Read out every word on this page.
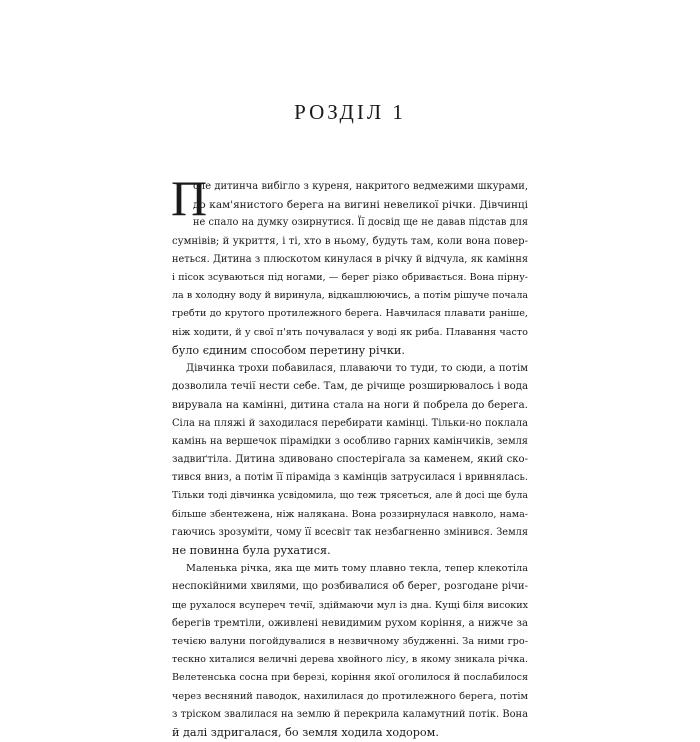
РОЗДІЛ 1
П
оле дитинча вибігло з куреня, накритого ведмежими шкурами,
до кам'янистого берега на вигині невеликої річки. Дівчинці
не спало на думку озирнутися. Її досвід ще не давав підстав для
сумнівів; й укриття, і ті, хто в ньому, будуть там, коли вона повер-
неться. Дитина з плюскотом кинулася в річку й відчула, як каміння
і пісок зсуваються під ногами, — берег різко обривається. Вона пірну-
ла в холодну воду й виринула, відкашлюючись, а потім рішуче почала
гребти до крутого протилежного берега. Навчилася плавати раніше,
ніж ходити, й у свої п'ять почувалася у воді як риба. Плавання часто
було єдиним способом перетину річки.
Дівчинка трохи побавилася, плаваючи то туди, то сюди, а потім
дозволила течії нести себе. Там, де річище розширювалось і вода
вирувала на камінні, дитина стала на ноги й побрела до берега.
Сіла на пляжі й заходилася перебирати камінці. Тільки-но поклала
камінь на вершечок пірамідки з особливо гарних камінчиків, земля
задвиґтіла. Дитина здивовано спостерігала за каменем, який ско-
тився вниз, а потім її піраміда з камінців затрусилася і вривнялась.
Тільки тоді дівчинка усвідомила, що теж трясеться, але й досі ще була
більше збентежена, ніж налякана. Вона роззирнулася навколо, нама-
гаючись зрозуміти, чому її всесвіт так незбагненно змінився. Земля
не повинна була рухатися.
Маленька річка, яка ще мить тому плавно текла, тепер клекотіла
неспокійними хвилями, що розбивалися об берег, розгодане річи-
ще рухалося всупереч течії, здіймаючи мул із дна. Кущі біля високих
берегів тремтіли, оживлені невидимим рухом коріння, а нижче за
течією валуни погойдувалися в незвичному збудженні. За ними гро-
тескно хиталися величні дерева хвойного лісу, в якому зникала річка.
Велетенська сосна при березі, коріння якої оголилося й послабилося
через весняний паводок, нахилилася до протилежного берега, потім
з тріском звалилася на землю й перекрила каламутний потік. Вона
й далі здригалася, бо земля ходила ходором.
